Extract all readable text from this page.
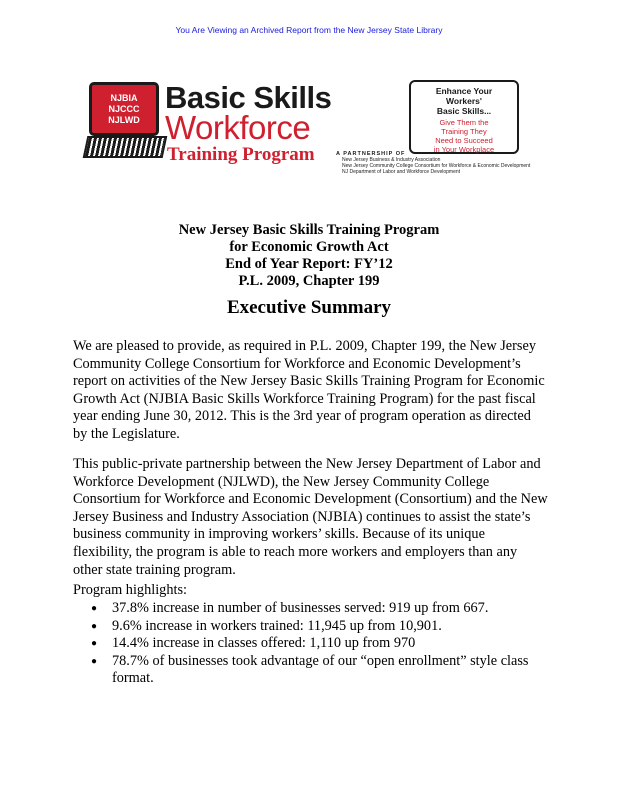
You Are Viewing an Archived Report from the New Jersey State Library
NJBIA
NJCCC
NJLWD
Basic Skills
Workforce
Training Program
Enhance Your
Workers'
Basic Skills...
Give Them the
Training They
Need to Succeed
in Your Workplace
A PARTNERSHIP OF
New Jersey Business & Industry Association
New Jersey Community College Consortium for Workforce & Economic Development
NJ Department of Labor and Workforce Development
New Jersey Basic Skills Training Program
for Economic Growth Act
End of Year Report: FY’12
P.L. 2009, Chapter 199
Executive Summary
We are pleased to provide, as required in P.L. 2009, Chapter 199, the New Jersey
Community College Consortium for Workforce and Economic Development’s
report on activities of the New Jersey Basic Skills Training Program for Economic
Growth Act (NJBIA Basic Skills Workforce Training Program) for the past fiscal
year ending June 30, 2012. This is the 3rd year of program operation as directed
by the Legislature.
This public-private partnership between the New Jersey Department of Labor and
Workforce Development (NJLWD), the New Jersey Community College
Consortium for Workforce and Economic Development (Consortium) and the New
Jersey Business and Industry Association (NJBIA) continues to assist the state’s
business community in improving workers’ skills. Because of its unique
flexibility, the program is able to reach more workers and employers than any
other state training program.
Program highlights:
●	37.8% increase in number of businesses served: 919 up from 667.
●	9.6% increase in workers trained: 11,945 up from 10,901.
●	14.4% increase in classes offered: 1,110 up from 970
●	78.7% of businesses took advantage of our “open enrollment” style class
format.
